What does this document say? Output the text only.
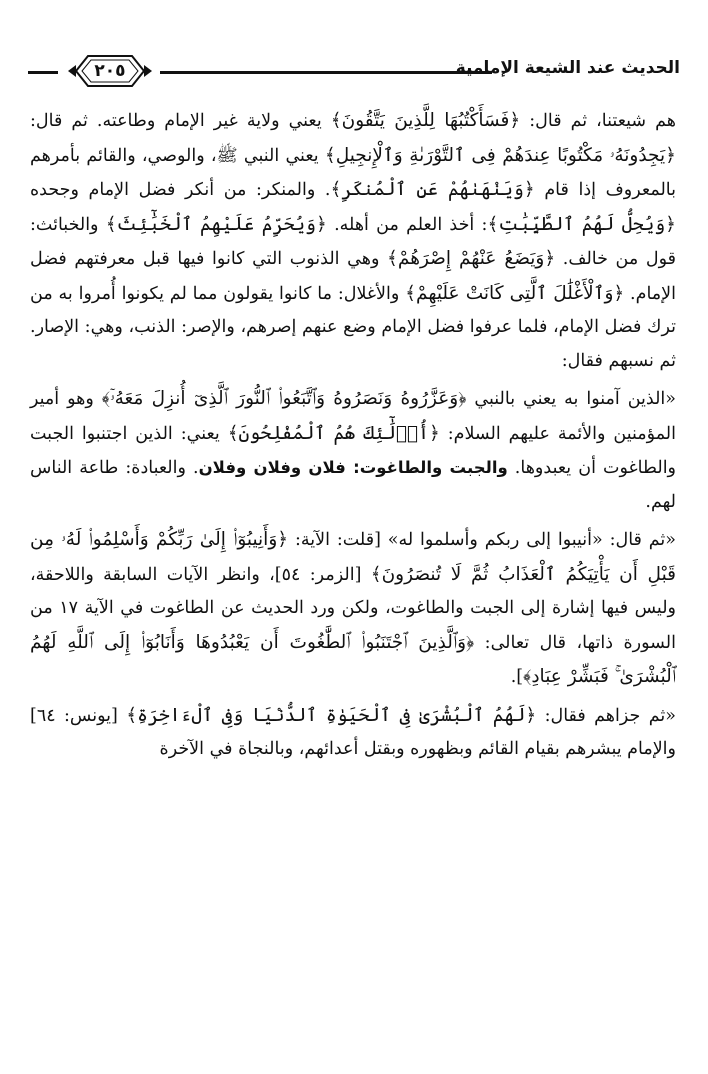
الحديث عند الشيعة الإمامية
٢٠٥

هم شيعتنا، ثم قال: ﴿فَسَأَكْتُبُهَا لِلَّذِينَ يَتَّقُونَ﴾ يعني ولاية غير الإمام وطاعته. ثم قال: ﴿يَجِدُونَهُۥ مَكْتُوبًا عِندَهُمْ فِى ٱلتَّوْرَىٰةِ وَٱلْإِنجِيلِ﴾ يعني النبي ﷺ، والوصي، والقائم بأمرهم بالمعروف إذا قام ﴿وَيَنْهَىٰهُمْ عَنِ ٱلْمُنكَرِ﴾. والمنكر: من أنكر فضل الإمام وجحده ﴿وَيُحِلُّ لَهُمُ ٱلطَّيِّبَٰتِ﴾: أخذ العلم من أهله. ﴿وَيُحَرِّمُ عَلَيْهِمُ ٱلْخَبَٰٓئِثَ﴾ والخبائث: قول من خالف. ﴿وَيَضَعُ عَنْهُمْ إِصْرَهُمْ﴾ وهي الذنوب التي كانوا فيها قبل معرفتهم فضل الإمام. ﴿وَٱلْأَغْلَٰلَ ٱلَّتِى كَانَتْ عَلَيْهِمْ﴾ والأغلال: ما كانوا يقولون مما لم يكونوا أُمروا به من ترك فضل الإمام، فلما عرفوا فضل الإمام وضع عنهم إصرهم، والإصر: الذنب، وهي: الإصار. ثم نسبهم فقال:

«الذين آمنوا به يعني بالنبي ﴿وَعَزَّرُوهُ وَنَصَرُوهُ وَٱتَّبَعُوا۟ ٱلنُّورَ ٱلَّذِىٓ أُنزِلَ مَعَهُۥٓ﴾ وهو أمير المؤمنين والأئمة عليهم السلام: ﴿أُو۟لَٰٓئِكَ هُمُ ٱلْمُفْلِحُونَ﴾ يعني: الذين اجتنبوا الجبت والطاغوت أن يعبدوها. والجبت والطاغوت: فلان وفلان وفلان. والعبادة: طاعة الناس لهم.

«ثم قال: «أنيبوا إلى ربكم وأسلموا له» [قلت: الآية: ﴿وَأَنِيبُوٓا۟ إِلَىٰ رَبِّكُمْ وَأَسْلِمُوا۟ لَهُۥ مِن قَبْلِ أَن يَأْتِيَكُمُ ٱلْعَذَابُ ثُمَّ لَا تُنصَرُونَ﴾ [الزمر: ٥٤]، وانظر الآيات السابقة واللاحقة، وليس فيها إشارة إلى الجبت والطاغوت، ولكن ورد الحديث عن الطاغوت في الآية ١٧ من السورة ذاتها، قال تعالى: ﴿وَٱلَّذِينَ ٱجْتَنَبُوا۟ ٱلطَّٰغُوتَ أَن يَعْبُدُوهَا وَأَنَابُوٓا۟ إِلَى ٱللَّهِ لَهُمُ ٱلْبُشْرَىٰ ۚ فَبَشِّرْ عِبَادِ﴾].

«ثم جزاهم فقال: ﴿لَهُمُ ٱلْبُشْرَىٰ فِى ٱلْحَيَوٰةِ ٱلدُّنْيَا وَفِى ٱلْءَاخِرَةِ﴾ [يونس: ٦٤] والإمام يبشرهم بقيام القائم وبظهوره وبقتل أعدائهم، وبالنجاة في الآخرة
